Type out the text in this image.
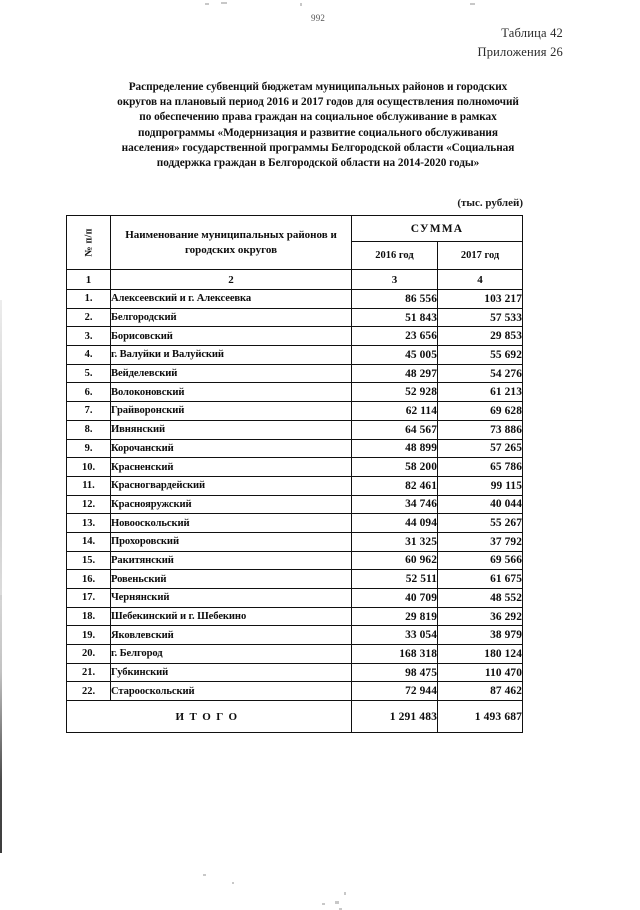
992
Таблица 42
Приложения 26
Распределение субвенций бюджетам муниципальных районов и городских
округов на плановый период 2016 и 2017 годов для осуществления полномочий
по обеспечению права граждан на социальное обслуживание в рамках
подпрограммы «Модернизация и развитие социального обслуживания
населения» государственной программы Белгородской области «Социальная
поддержка граждан в Белгородской области на 2014-2020 годы»
(тыс. рублей)
№ п/п	Наименование муниципальных районов и городских округов	СУММА	
		2016 год	2017 год
1	2	3	4
1.	Алексеевский и г. Алексеевка	86 556	103 217
2.	Белгородский	51 843	57 533
3.	Борисовский	23 656	29 853
4.	г. Валуйки и Валуйский	45 005	55 692
5.	Вейделевский	48 297	54 276
6.	Волоконовский	52 928	61 213
7.	Грайворонский	62 114	69 628
8.	Ивнянский	64 567	73 886
9.	Корочанский	48 899	57 265
10.	Красненский	58 200	65 786
11.	Красногвардейский	82 461	99 115
12.	Краснояружский	34 746	40 044
13.	Новооскольский	44 094	55 267
14.	Прохоровский	31 325	37 792
15.	Ракитянский	60 962	69 566
16.	Ровеньский	52 511	61 675
17.	Чернянский	40 709	48 552
18.	Шебекинский и г. Шебекино	29 819	36 292
19.	Яковлевский	33 054	38 979
20.	г. Белгород	168 318	180 124
21.	Губкинский	98 475	110 470
22.	Старооскольский	72 944	87 462
ИТОГО		1 291 483	1 493 687
